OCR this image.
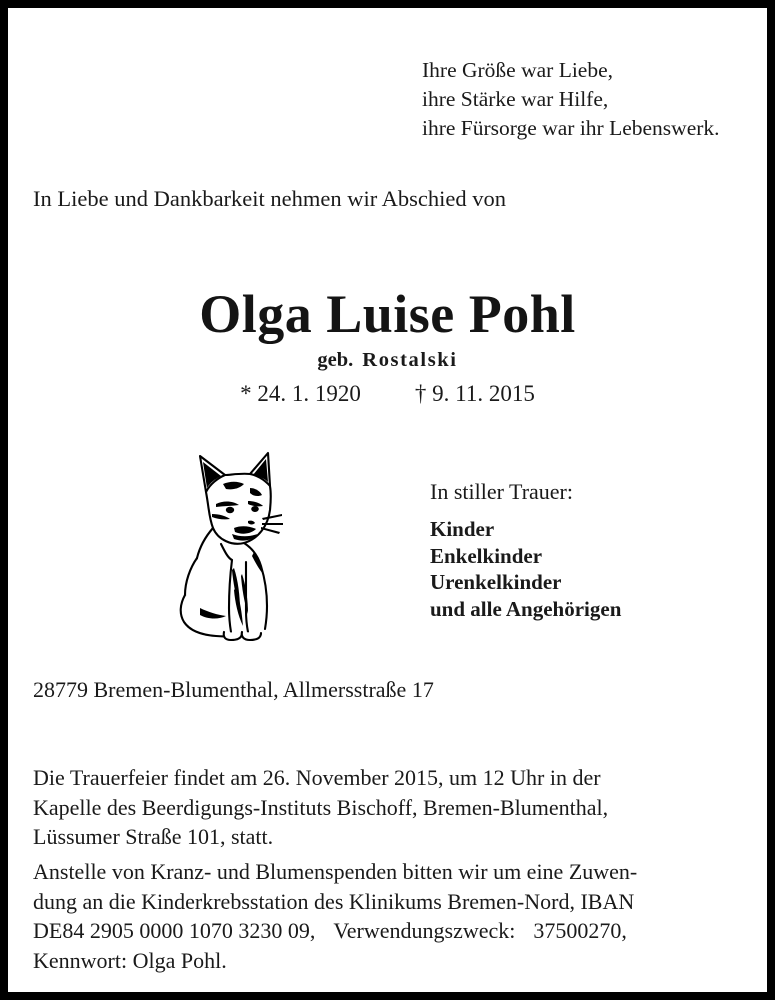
Ihre Größe war Liebe,
ihre Stärke war Hilfe,
ihre Fürsorge war ihr Lebenswerk.
In Liebe und Dankbarkeit nehmen wir Abschied von
Olga Luise Pohl
geb. Rostalski
* 24. 1. 1920 † 9. 11. 2015
In stiller Trauer:
Kinder
Enkelkinder
Urenkelkinder
und alle Angehörigen
28779 Bremen-Blumenthal, Allmersstraße 17
Die Trauerfeier findet am 26. November 2015, um 12 Uhr in der
Kapelle des Beerdigungs-Instituts Bischoff, Bremen-Blumenthal,
Lüssumer Straße 101, statt.
Anstelle von Kranz- und Blumenspenden bitten wir um eine Zuwen-
dung an die Kinderkrebsstation des Klinikums Bremen-Nord, IBAN
DE84 2905 0000 1070 3230 09, Verwendungszweck: 37500270,
Kennwort: Olga Pohl.
